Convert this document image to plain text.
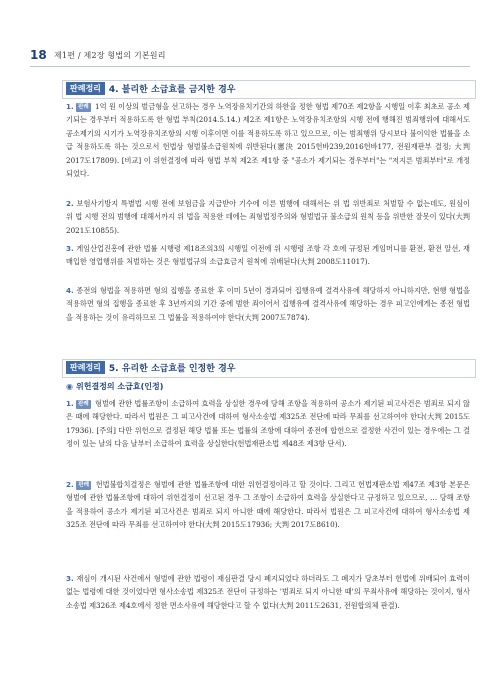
18 제1편 / 제2장 형법의 기본원리
판례정리 4. 불리한 소급효를 금지한 경우
1. 판례 1억 원 이상의 벌금형을 선고하는 경우 노역장유치기간의 하한을 정한 형법 제70조 제2항을 시행일 이후 최초로 공소 제기되는 경우부터 적용하도록 한 형법 부칙(2014.5.14.) 제2조 제1항은 노역장유치조항의 시행 전에 행해진 범죄행위에 대해서도 공소제기의 시기가 노역장유치조항의 시행 이후이면 이를 적용하도록 하고 있으므로, 이는 범죄행위 당시보다 불이익한 법률을 소급 적용하도록 하는 것으로서 헌법상 형벌불소급원칙에 위반된다(憲決 2015헌바239,2016헌바177, 전원재판부 결정; 大判 2017도17809). [비교] 이 위헌결정에 따라 형법 부칙 제2조 제1항 중 "공소가 제기되는 경우부터"는 "저지른 범죄부터"로 개정되었다.
2. 보험사기방지 특별법 시행 전에 보험금을 지급받아 기수에 이른 범행에 대해서는 위 법 위반죄로 처벌할 수 없는데도, 원심이 위 법 시행 전의 범행에 대해서까지 위 법을 적용한 데에는 죄형법정주의와 형벌법규 불소급의 원칙 등을 위반한 잘못이 있다(大判 2021도10855).
3. 게임산업진흥에 관한 법률 시행령 제18조의3의 시행일 이전에 위 시행령 조항 각 호에 규정된 게임머니를 환전, 환전 알선, 재매입한 영업행위를 처벌하는 것은 형벌법규의 소급효금지 원칙에 위배된다(大判 2008도11017).
4. 종전의 형법을 적용하면 형의 집행을 종료한 후 이미 5년이 경과되어 집행유예 결격사유에 해당하지 아니하지만, 현행 형법을 적용하면 형의 집행을 종료한 후 3년까지의 기간 중에 범한 죄이어서 집행유예 결격사유에 해당하는 경우 피고인에게는 종전 형법을 적용하는 것이 유리하므로 그 법률을 적용하여야 한다(大判 2007도7874).
판례정리 5. 유리한 소급효를 인정한 경우
◉ 위헌결정의 소급효(인정)
1. 판례 형벌에 관한 법률조항이 소급하여 효력을 상실한 경우에 당해 조항을 적용하여 공소가 제기된 피고사건은 범죄로 되지 않은 때에 해당한다. 따라서 법원은 그 피고사건에 대하여 형사소송법 제325조 전단에 따라 무죄를 선고하여야 한다(大判 2015도17936). [주의] 다만 위헌으로 결정된 해당 법률 또는 법률의 조항에 대하여 종전에 합헌으로 결정한 사건이 있는 경우에는 그 결정이 있는 날의 다음 날부터 소급하여 효력을 상실한다(헌법재판소법 제48조 제3항 단서).
2. 판례 헌법불합치결정은 형벌에 관한 법률조항에 대한 위헌결정이라고 할 것이다. 그리고 헌법재판소법 제47조 제3항 본문은 형벌에 관한 법률조항에 대하여 위헌결정이 선고된 경우 그 조항이 소급하여 효력을 상실한다고 규정하고 있으므로, … 당해 조항을 적용하여 공소가 제기된 피고사건은 범죄로 되지 아니한 때에 해당한다. 따라서 법원은 그 피고사건에 대하여 형사소송법 제325조 전단에 따라 무죄를 선고하여야 한다(大判 2015도17936; 大判 2017도8610).
3. 재심이 개시된 사건에서 형벌에 관한 법령이 재심판결 당시 폐지되었다 하더라도 그 폐지가 당초부터 헌법에 위배되어 효력이 없는 법령에 대한 것이었다면 형사소송법 제325조 전단이 규정하는 '범죄로 되지 아니한 때'의 무죄사유에 해당하는 것이지, 형사소송법 제326조 제4호에서 정한 면소사유에 해당한다고 할 수 없다(大判 2011도2631, 전원합의체 판결).
